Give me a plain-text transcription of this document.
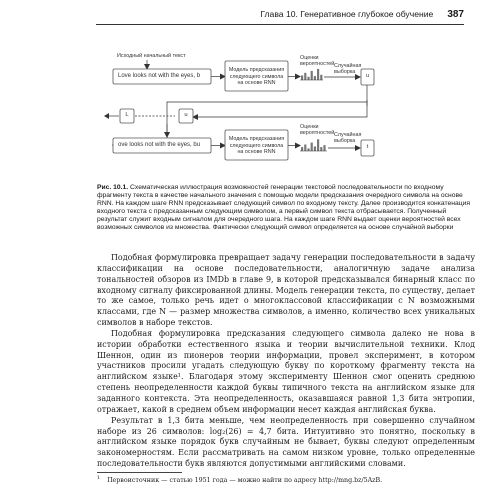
Глава 10. Генеративное глубокое обучение 387
Исходный начальный текст
Love looks not with the eyes, b
Модель предсказания
следующего символа
на основе RNN
Оценки
вероятностей Случайная
выборка
u
L	u
ove looks not with the eyes, bu
Модель предсказания
следующего символа
на основе RNN
Оценки
вероятностей Случайная
выборка
t
Рис. 10.1. Схематическая иллюстрация возможностей генерации текстовой последовательности по входному фрагменту текста в качестве начального значения с помощью модели предсказания очередного символа на основе RNN. На каждом шаге RNN предсказывает следующий символ по входному тексту. Далее производится конкатенация входного текста с предсказанным следующим символом, а первый символ текста отбрасывается. Полученный результат служит входным сигналом для очередного шага. На каждом шаге RNN выдает оценки вероятностей всех возможных символов из множества. Фактически следующий символ определяется на основе случайной выборки

Подобная формулировка превращает задачу генерации последовательности в задачу классификации на основе последовательности, аналогичную задаче анализа тональностей обзоров из IMDb в главе 9, в которой предсказывался бинарный класс по входному сигналу фиксированной длины. Модель генерации текста, по существу, делает то же самое, только речь идет о многоклассовой классификации с N возможными классами, где N — размер множества символов, а именно, количество всех уникальных символов в наборе текстов.

Подобная формулировка предсказания следующего символа далеко не нова в истории обработки естественного языка и теории вычислительной техники. Клод Шеннон, один из пионеров теории информации, провел эксперимент, в котором участников просили угадать следующую букву по короткому фрагменту текста на английском языке¹. Благодаря этому эксперименту Шеннон смог оценить среднюю степень неопределенности каждой буквы типичного текста на английском языке для заданного контекста. Эта неопределенность, оказавшаяся равной 1,3 бита энтропии, отражает, какой в среднем объем информации несет каждая английская буква.

Результат в 1,3 бита меньше, чем неопределенность при совершенно случайном наборе из 26 символов: log₂(26) = 4,7 бита. Интуитивно это понятно, поскольку в английском языке порядок букв случайным не бывает, буквы следуют определенным закономерностям. Если рассматривать на самом низком уровне, только определенные последовательности букв являются допустимыми английскими словами.

$^1$ Первоисточник — статью 1951 года — можно найти по адресу http://mng.bz/5AzB.
